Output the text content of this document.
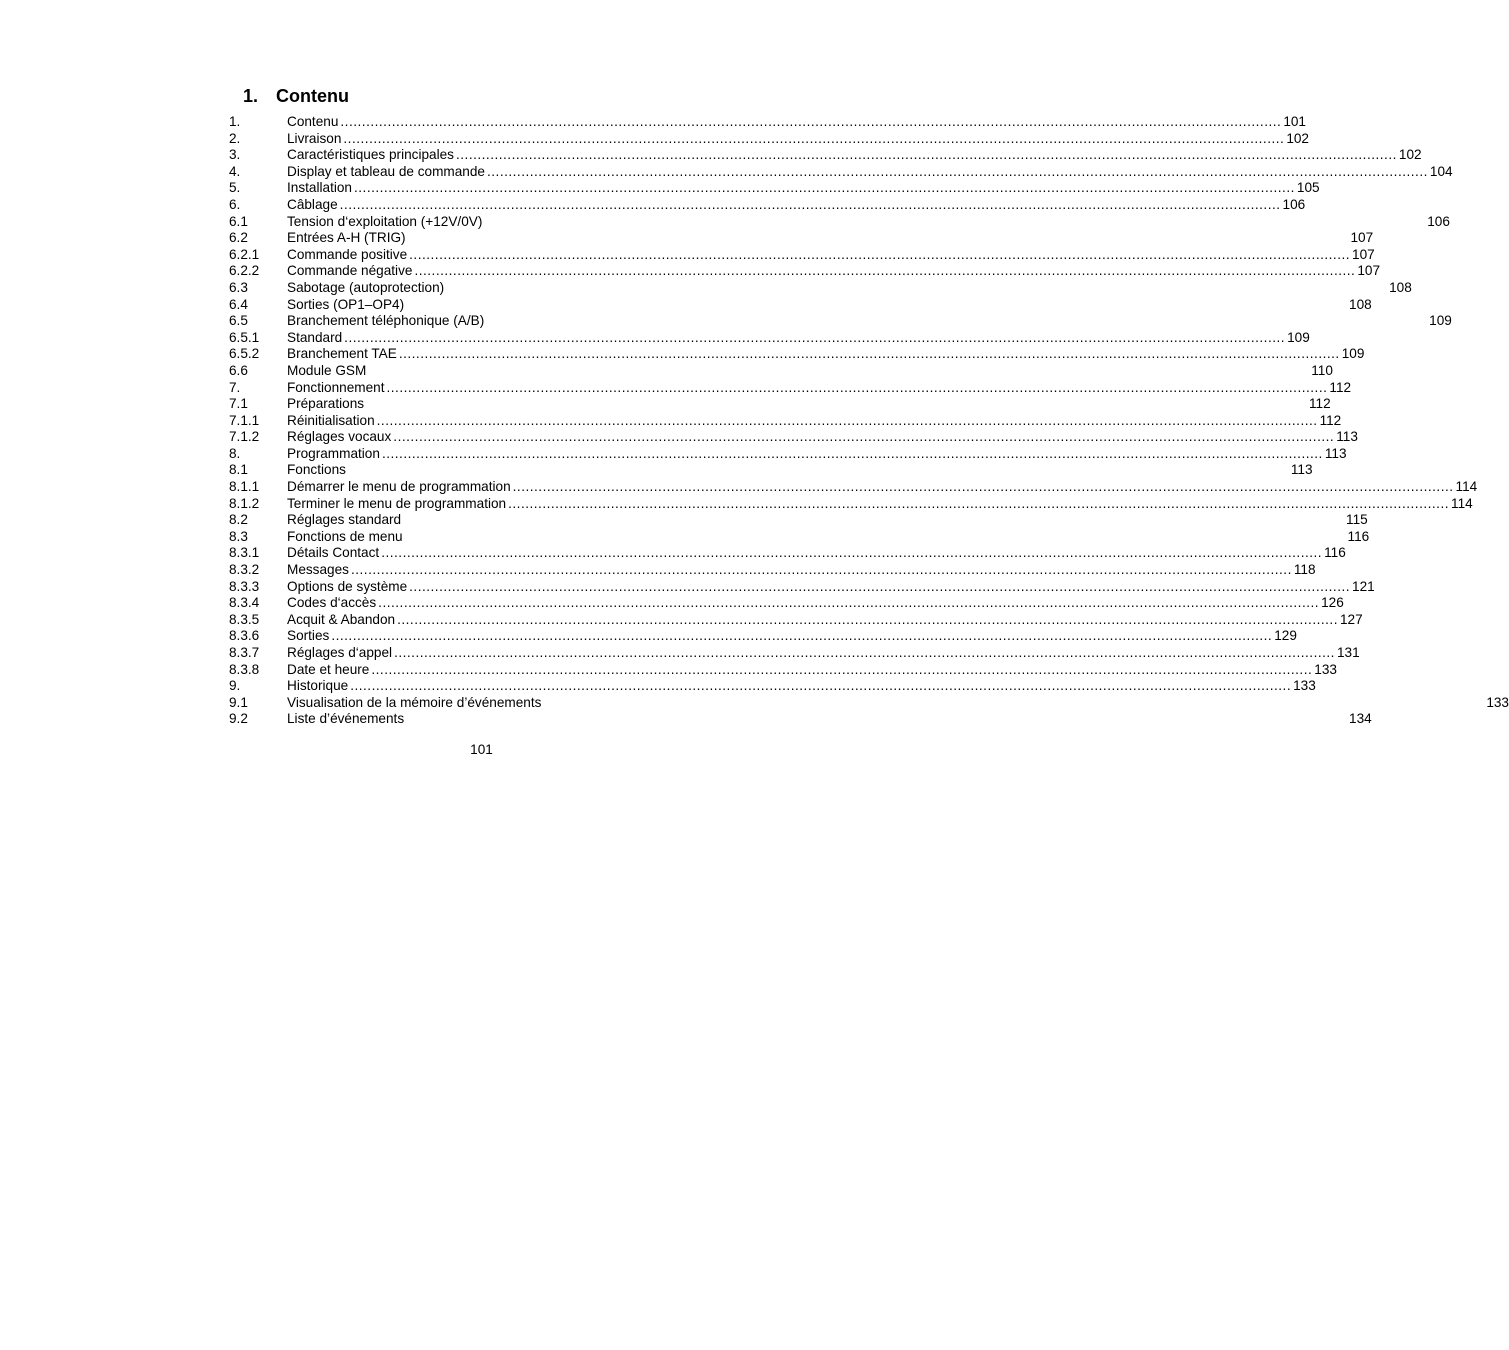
1. Contenu
1.	Contenu ............................................................................................................................................................................................................................ 101
2.	Livraison ............................................................................................................................................................................................................................ 102
3.	Caractéristiques principales ............................................................................................................................................................................................................................ 102
4.	Display et tableau de commande ............................................................................................................................................................................................................................ 104
5.	Installation ............................................................................................................................................................................................................................ 105
6.	Câblage ............................................................................................................................................................................................................................ 106
6.1	Tension d‘exploitation (+12V/0V)	106
6.2	Entrées A-H (TRIG)	107
6.2.1 Commande positive ............................................................................................................................................................................................................................ 107
6.2.2 Commande négative ............................................................................................................................................................................................................................ 107
6.3	Sabotage (autoprotection)	108
6.4	Sorties (OP1–OP4)	108
6.5	Branchement téléphonique (A/B)	109
6.5.1 Standard ............................................................................................................................................................................................................................ 109
6.5.2 Branchement TAE ............................................................................................................................................................................................................................ 109
6.6	Module GSM	110
7.	Fonctionnement ............................................................................................................................................................................................................................ 112
7.1	Préparations	112
7.1.1 Réinitialisation ............................................................................................................................................................................................................................ 112
7.1.2 Réglages vocaux ............................................................................................................................................................................................................................ 113
8.	Programmation ............................................................................................................................................................................................................................ 113
8.1	Fonctions	113
8.1.1 Démarrer le menu de programmation ............................................................................................................................................................................................................................ 114
8.1.2 Terminer le menu de programmation ............................................................................................................................................................................................................................ 114
8.2	Réglages standard	115
8.3	Fonctions de menu	116
8.3.1 Détails Contact ............................................................................................................................................................................................................................ 116
8.3.2 Messages ............................................................................................................................................................................................................................ 118
8.3.3 Options de système ............................................................................................................................................................................................................................ 121
8.3.4 Codes d‘accès ............................................................................................................................................................................................................................ 126
8.3.5 Acquit & Abandon ............................................................................................................................................................................................................................ 127
8.3.6 Sorties ............................................................................................................................................................................................................................ 129
8.3.7 Réglages d‘appel ............................................................................................................................................................................................................................ 131
8.3.8 Date et heure ............................................................................................................................................................................................................................ 133
9.	Historique ............................................................................................................................................................................................................................ 133
9.1	Visualisation de la mémoire d’événements	133
9.2	Liste d’événements	134
101
